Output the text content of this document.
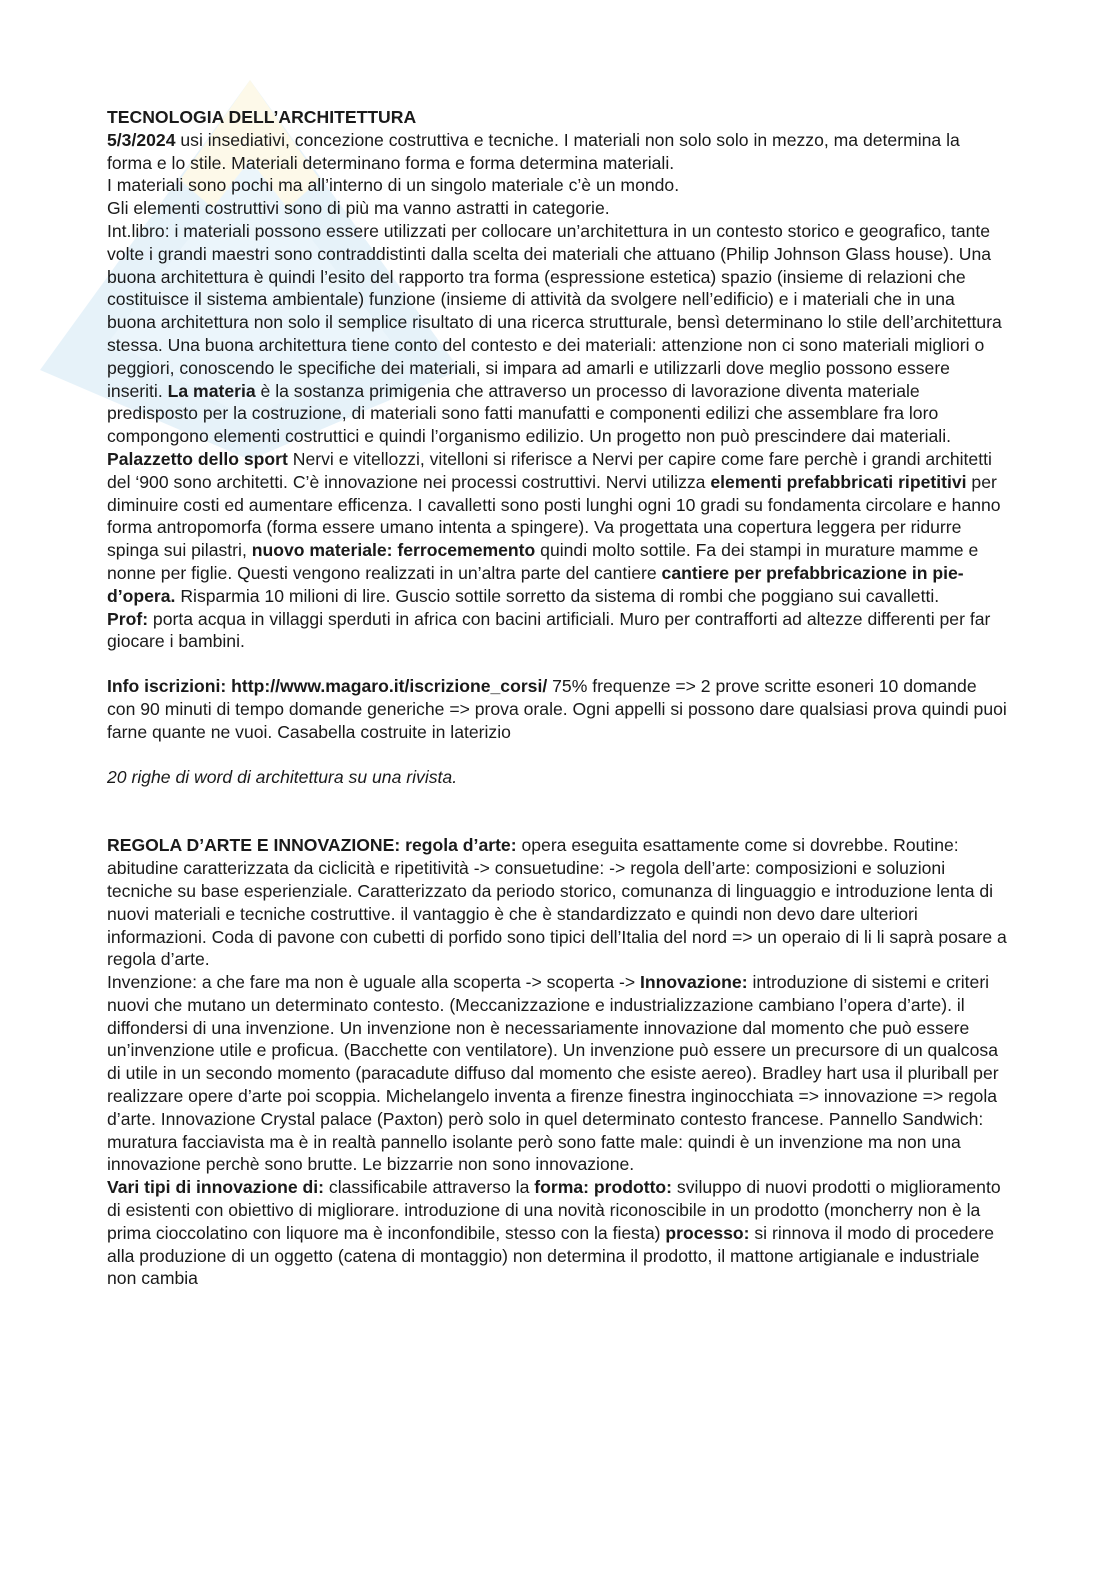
TECNOLOGIA DELL’ARCHITETTURA

5/3/2024 usi insediativi, concezione costruttiva e tecniche. I materiali non solo solo in mezzo, ma determina la forma e lo stile. Materiali determinano forma e forma determina materiali.

I materiali sono pochi ma all’interno di un singolo materiale c’è un mondo.

Gli elementi costruttivi sono di più ma vanno astratti in categorie.

Int.libro: i materiali possono essere utilizzati per collocare un’architettura in un contesto storico e geografico, tante volte i grandi maestri sono contraddistinti dalla scelta dei materiali che attuano (Philip Johnson Glass house). Una buona architettura è quindi l’esito del rapporto tra forma (espressione estetica) spazio (insieme di relazioni che costituisce il sistema ambientale) funzione (insieme di attività da svolgere nell’edificio) e i materiali che in una buona architettura non solo il semplice risultato di una ricerca strutturale, bensì determinano lo stile dell’architettura stessa. Una buona architettura tiene conto del contesto e dei materiali: attenzione non ci sono materiali migliori o peggiori, conoscendo le specifiche dei materiali, si impara ad amarli e utilizzarli dove meglio possono essere inseriti. La materia è la sostanza primigenia che attraverso un processo di lavorazione diventa materiale predisposto per la costruzione, di materiali sono fatti manufatti e componenti edilizi che assemblare fra loro compongono elementi costruttici e quindi l’organismo edilizio. Un progetto non può prescindere dai materiali.

Palazzetto dello sport Nervi e vitellozzi, vitelloni si riferisce a Nervi per capire come fare perchè i grandi architetti del ‘900 sono architetti. C’è innovazione nei processi costruttivi. Nervi utilizza elementi prefabbricati ripetitivi per diminuire costi ed aumentare efficenza. I cavalletti sono posti lunghi ogni 10 gradi su fondamenta circolare e hanno forma antropomorfa (forma essere umano intenta a spingere). Va progettata una copertura leggera per ridurre spinga sui pilastri, nuovo materiale: ferrocememento quindi molto sottile. Fa dei stampi in murature mamme e nonne per figlie. Questi vengono realizzati in un’altra parte del cantiere cantiere per prefabbricazione in pie-d’opera. Risparmia 10 milioni di lire. Guscio sottile sorretto da sistema di rombi che poggiano sui cavalletti.

Prof: porta acqua in villaggi sperduti in africa con bacini artificiali. Muro per contrafforti ad altezze differenti per far giocare i bambini.

Info iscrizioni: http://www.magaro.it/iscrizione_corsi/ 75% frequenze => 2 prove scritte esoneri 10 domande con 90 minuti di tempo domande generiche => prova orale. Ogni appelli si possono dare qualsiasi prova quindi puoi farne quante ne vuoi. Casabella costruite in laterizio

20 righe di word di architettura su una rivista.

REGOLA D’ARTE E INNOVAZIONE: regola d’arte: opera eseguita esattamente come si dovrebbe. Routine: abitudine caratterizzata da ciclicità e ripetitività -> consuetudine: -> regola dell’arte: composizioni e soluzioni tecniche su base esperienziale. Caratterizzato da periodo storico, comunanza di linguaggio e introduzione lenta di nuovi materiali e tecniche costruttive. il vantaggio è che è standardizzato e quindi non devo dare ulteriori informazioni. Coda di pavone con cubetti di porfido sono tipici dell’Italia del nord => un operaio di li li saprà posare a regola d’arte.

Invenzione: a che fare ma non è uguale alla scoperta -> scoperta -> Innovazione: introduzione di sistemi e criteri nuovi che mutano un determinato contesto. (Meccanizzazione e industrializzazione cambiano l’opera d’arte). il diffondersi di una invenzione. Un invenzione non è necessariamente innovazione dal momento che può essere un’invenzione utile e proficua. (Bacchette con ventilatore). Un invenzione può essere un precursore di un qualcosa di utile in un secondo momento (paracadute diffuso dal momento che esiste aereo). Bradley hart usa il pluriball per realizzare opere d’arte poi scoppia. Michelangelo inventa a firenze finestra inginocchiata => innovazione => regola d’arte. Innovazione Crystal palace (Paxton) però solo in quel determinato contesto francese. Pannello Sandwich: muratura facciavista ma è in realtà pannello isolante però sono fatte male: quindi è un invenzione ma non una innovazione perchè sono brutte. Le bizzarrie non sono innovazione.

Vari tipi di innovazione di: classificabile attraverso la forma: prodotto: sviluppo di nuovi prodotti o miglioramento di esistenti con obiettivo di migliorare. introduzione di una novità riconoscibile in un prodotto (moncherry non è la prima cioccolatino con liquore ma è inconfondibile, stesso con la fiesta) processo: si rinnova il modo di procedere alla produzione di un oggetto (catena di montaggio) non determina il prodotto, il mattone artigianale e industriale non cambia
